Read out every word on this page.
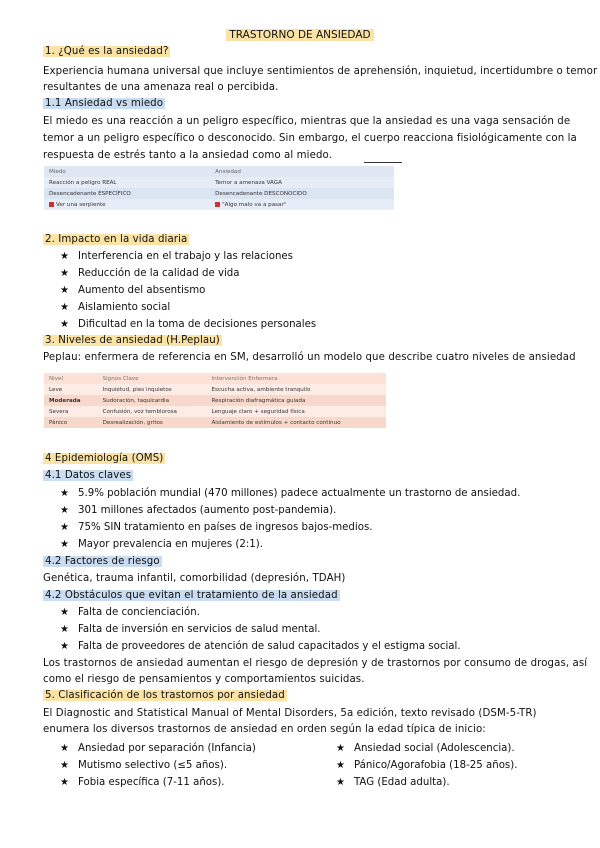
TRASTORNO DE ANSIEDAD
1. ¿Qué es la ansiedad?
Experiencia humana universal que incluye sentimientos de aprehensión, inquietud, incertidumbre o temor
resultantes de una amenaza real o percibida.
1.1 Ansiedad vs miedo
El miedo es una reacción a un peligro específico, mientras que la ansiedad es una vaga sensación de
temor a un peligro específico o desconocido. Sin embargo, el cuerpo reacciona fisiológicamente con la
respuesta de estrés tanto a la ansiedad como al miedo.
Miedo	Ansiedad
Reacción a peligro REAL	Temor a amenaza VAGA
Desencadenante ESPECÍFICO	Desencadenante DESCONOCIDO
Ver una serpiente	"Algo malo va a pasar"
2. Impacto en la vida diaria
★ Interferencia en el trabajo y las relaciones
★ Reducción de la calidad de vida
★ Aumento del absentismo
★ Aislamiento social
★ Dificultad en la toma de decisiones personales
3. Niveles de ansiedad (H.Peplau)
Peplau: enfermera de referencia en SM, desarrolló un modelo que describe cuatro niveles de ansiedad
Nivel	Signos Clave	Intervención Enfermera
Leve	Inquietud, pies inquietos	Escucha activa, ambiente tranquilo
Moderada	Sudoración, taquicardia	Respiración diafragmática guiada
Severa	Confusión, voz temblorosa	Lenguaje claro + seguridad física
Pánico	Desrealización, gritos	Aislamiento de estímulos + contacto continuo
4 Epidemiología (OMS)
4.1 Datos claves
★ 5.9% población mundial (470 millones) padece actualmente un trastorno de ansiedad.
★ 301 millones afectados (aumento post-pandemia).
★ 75% SIN tratamiento en países de ingresos bajos-medios.
★ Mayor prevalencia en mujeres (2:1).
4.2 Factores de riesgo
Genética, trauma infantil, comorbilidad (depresión, TDAH)
4.2 Obstáculos que evitan el tratamiento de la ansiedad
★ Falta de concienciación.
★ Falta de inversión en servicios de salud mental.
★ Falta de proveedores de atención de salud capacitados y el estigma social.
Los trastornos de ansiedad aumentan el riesgo de depresión y de trastornos por consumo de drogas, así
como el riesgo de pensamientos y comportamientos suicidas.
5. Clasificación de los trastornos por ansiedad
El Diagnostic and Statistical Manual of Mental Disorders, 5a edición, texto revisado (DSM-5-TR)
enumera los diversos trastornos de ansiedad en orden según la edad típica de inicio:
★ Ansiedad por separación (Infancia)
★ Mutismo selectivo (≤5 años).
★ Fobia específica (7-11 años).
★ Ansiedad social (Adolescencia).
★ Pánico/Agorafobia (18-25 años).
★ TAG (Edad adulta).
